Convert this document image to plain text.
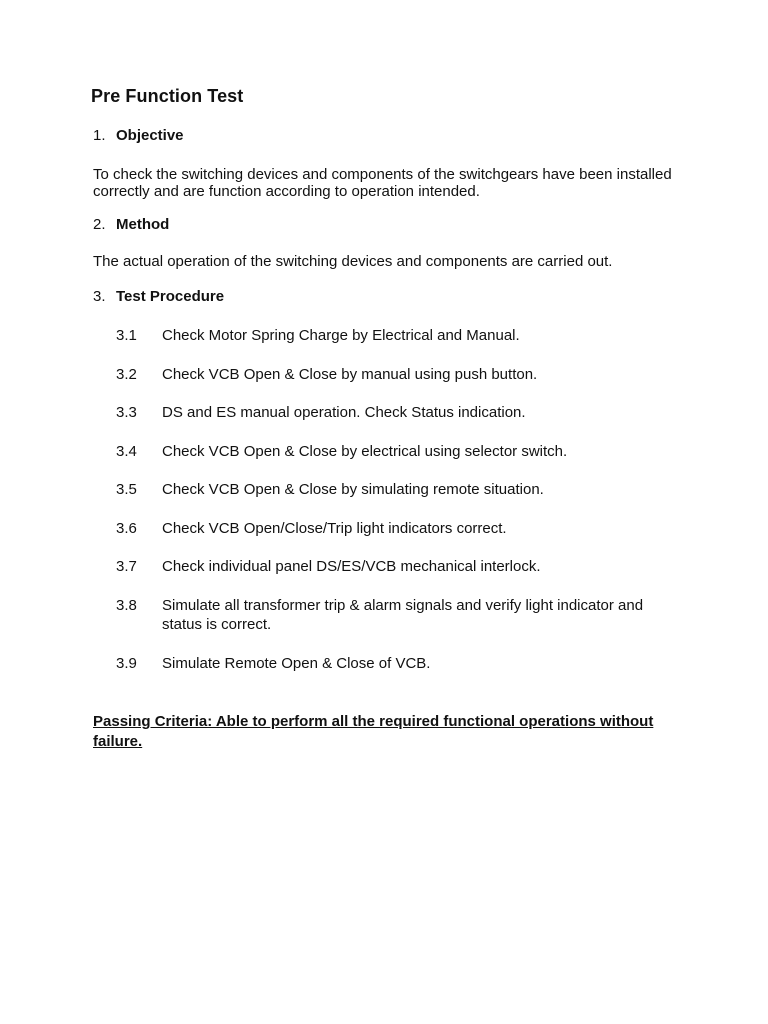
Pre Function Test
1. Objective
To check the switching devices and components of the switchgears have been installed correctly and are function according to operation intended.
2. Method
The actual operation of the switching devices and components are carried out.
3. Test Procedure
3.1 Check Motor Spring Charge by Electrical and Manual.
3.2 Check VCB Open & Close by manual using push button.
3.3 DS and ES manual operation. Check Status indication.
3.4 Check VCB Open & Close by electrical using selector switch.
3.5 Check VCB Open & Close by simulating remote situation.
3.6 Check VCB Open/Close/Trip light indicators correct.
3.7 Check individual panel DS/ES/VCB mechanical interlock.
3.8 Simulate all transformer trip & alarm signals and verify light indicator and status is correct.
3.9 Simulate Remote Open & Close of VCB.
Passing Criteria: Able to perform all the required functional operations without failure.
